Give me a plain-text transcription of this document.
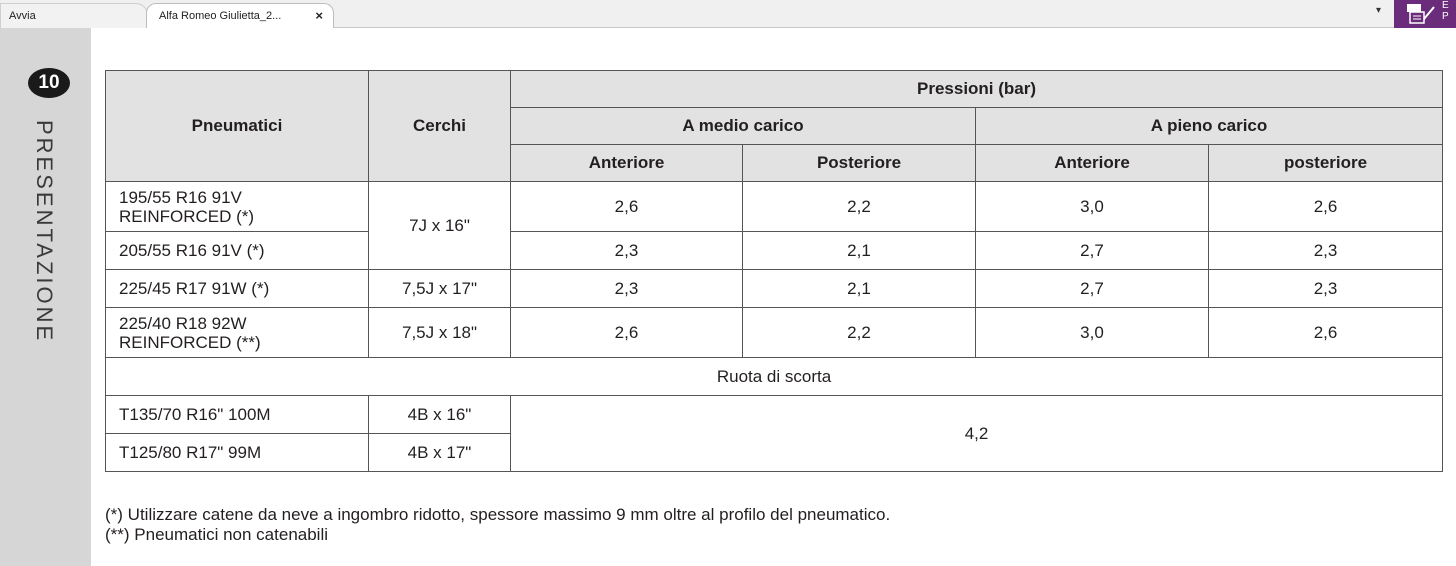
Avvia	Alfa Romeo Giulietta_2...	×	▾	E
P
10
PRESENTAZIONE	Pneumatici	Cerchi	Pressioni (bar)			
		A medio carico		A pieno carico	
		Anteriore	Posteriore	Anteriore	posteriore
195/55 R16 91V
REINFORCED (*)	7J x 16"	2,6	2,2	3,0	2,6
205/55 R16 91V (*)		2,3	2,1	2,7	2,3
225/45 R17 91W (*)	7,5J x 17"	2,3	2,1	2,7	2,3
225/40 R18 92W
REINFORCED (**)	7,5J x 18"	2,6	2,2	3,0	2,6
Ruota di scorta					
T135/70 R16" 100M	4B x 16"	4,2			
T125/80 R17" 99M	4B x 17"				
(*) Utilizzare catene da neve a ingombro ridotto, spessore massimo 9 mm oltre al profilo del pneumatico.
(**) Pneumatici non catenabili
